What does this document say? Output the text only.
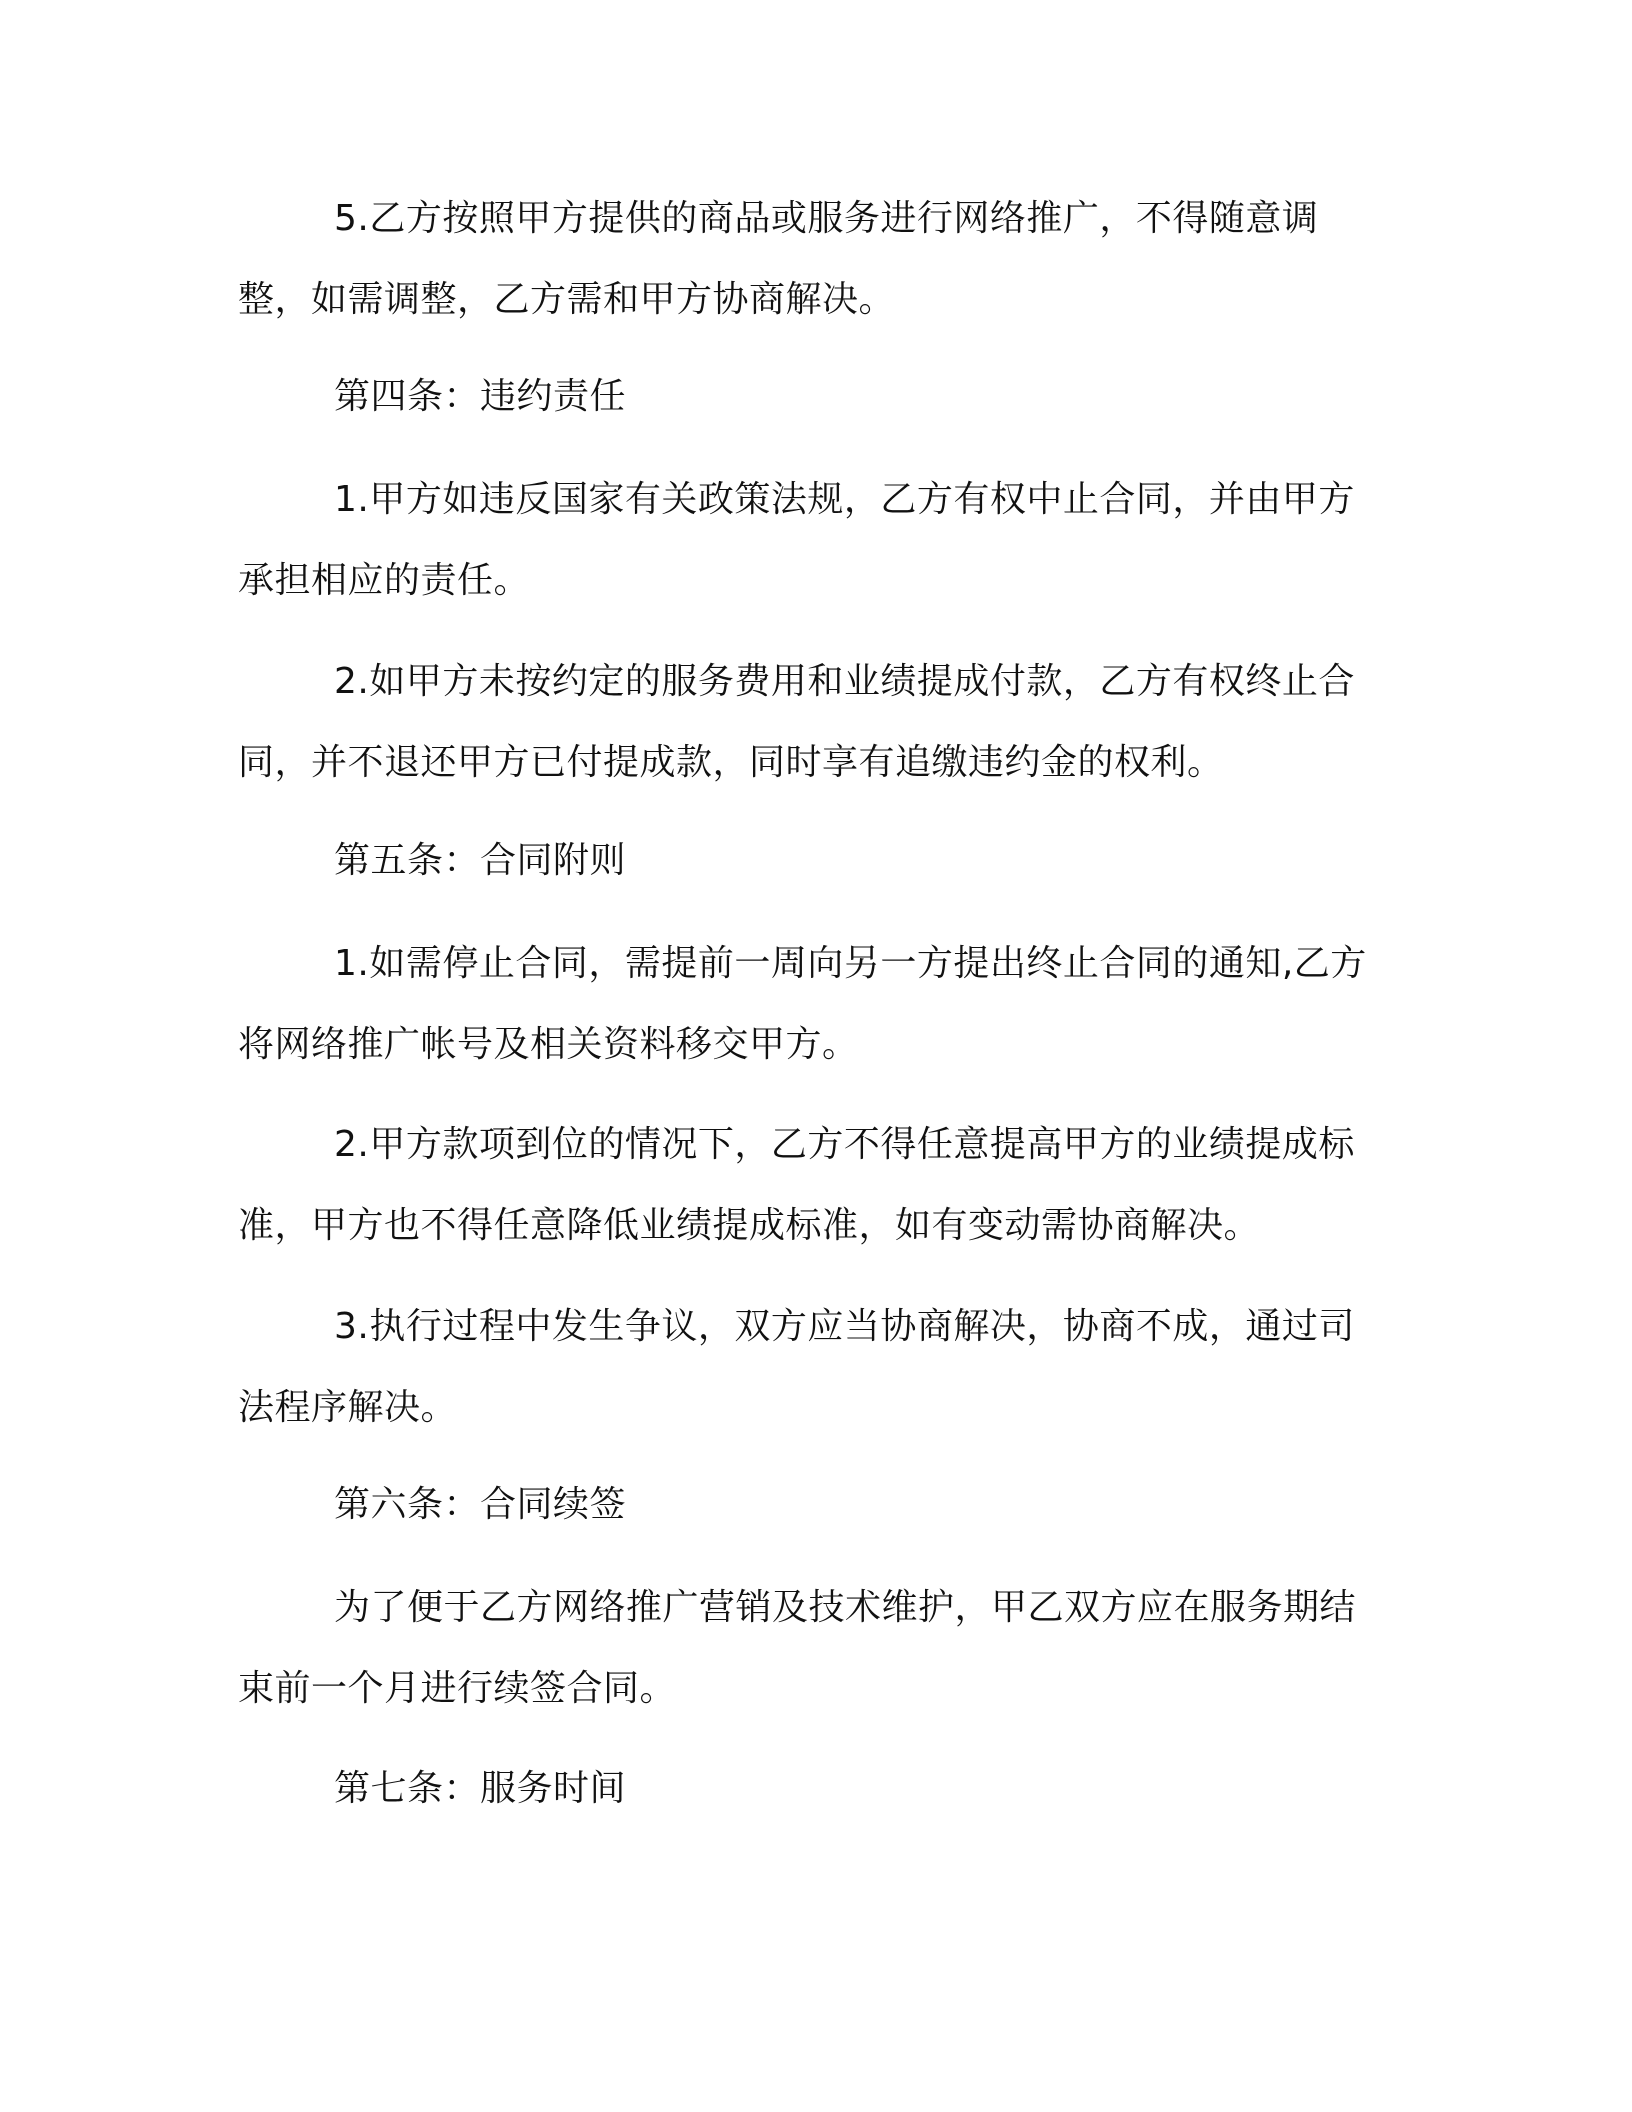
5.乙方按照甲方提供的商品或服务进行网络推广，不得随意调整，如需调整，乙方需和甲方协商解决。

第四条：违约责任

1.甲方如违反国家有关政策法规，乙方有权中止合同，并由甲方承担相应的责任。

2.如甲方未按约定的服务费用和业绩提成付款，乙方有权终止合同，并不退还甲方已付提成款，同时享有追缴违约金的权利。

第五条：合同附则

1.如需停止合同，需提前一周向另一方提出终止合同的通知,乙方将网络推广帐号及相关资料移交甲方。

2.甲方款项到位的情况下，乙方不得任意提高甲方的业绩提成标准，甲方也不得任意降低业绩提成标准，如有变动需协商解决。

3.执行过程中发生争议，双方应当协商解决，协商不成，通过司法程序解决。

第六条：合同续签

为了便于乙方网络推广营销及技术维护，甲乙双方应在服务期结束前一个月进行续签合同。

第七条：服务时间
